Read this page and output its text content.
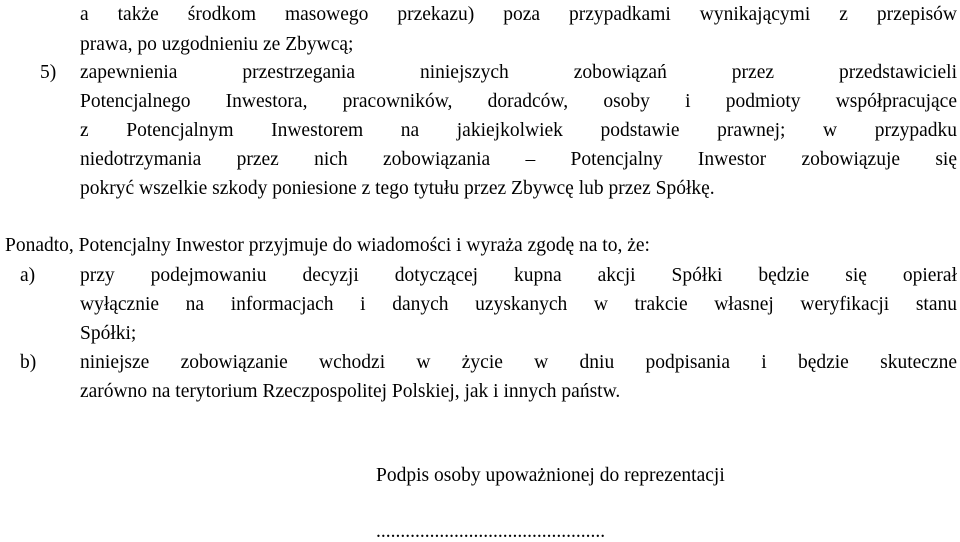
a także środkom masowego przekazu) poza przypadkami wynikającymi z przepisów
prawa, po uzgodnieniu ze Zbywcą;
5) zapewnienia przestrzegania niniejszych zobowiązań przez przedstawicieli
Potencjalnego Inwestora, pracowników, doradców, osoby i podmioty współpracujące
z Potencjalnym Inwestorem na jakiejkolwiek podstawie prawnej; w przypadku
niedotrzymania przez nich zobowiązania – Potencjalny Inwestor zobowiązuje się
pokryć wszelkie szkody poniesione z tego tytułu przez Zbywcę lub przez Spółkę.
Ponadto, Potencjalny Inwestor przyjmuje do wiadomości i wyraża zgodę na to, że:
a) przy podejmowaniu decyzji dotyczącej kupna akcji Spółki będzie się opierał
wyłącznie na informacjach i danych uzyskanych w trakcie własnej weryfikacji stanu
Spółki;
b) niniejsze zobowiązanie wchodzi w życie w dniu podpisania i będzie skuteczne
zarówno na terytorium Rzeczpospolitej Polskiej, jak i innych państw.
Podpis osoby upoważnionej do reprezentacji
...............................................
